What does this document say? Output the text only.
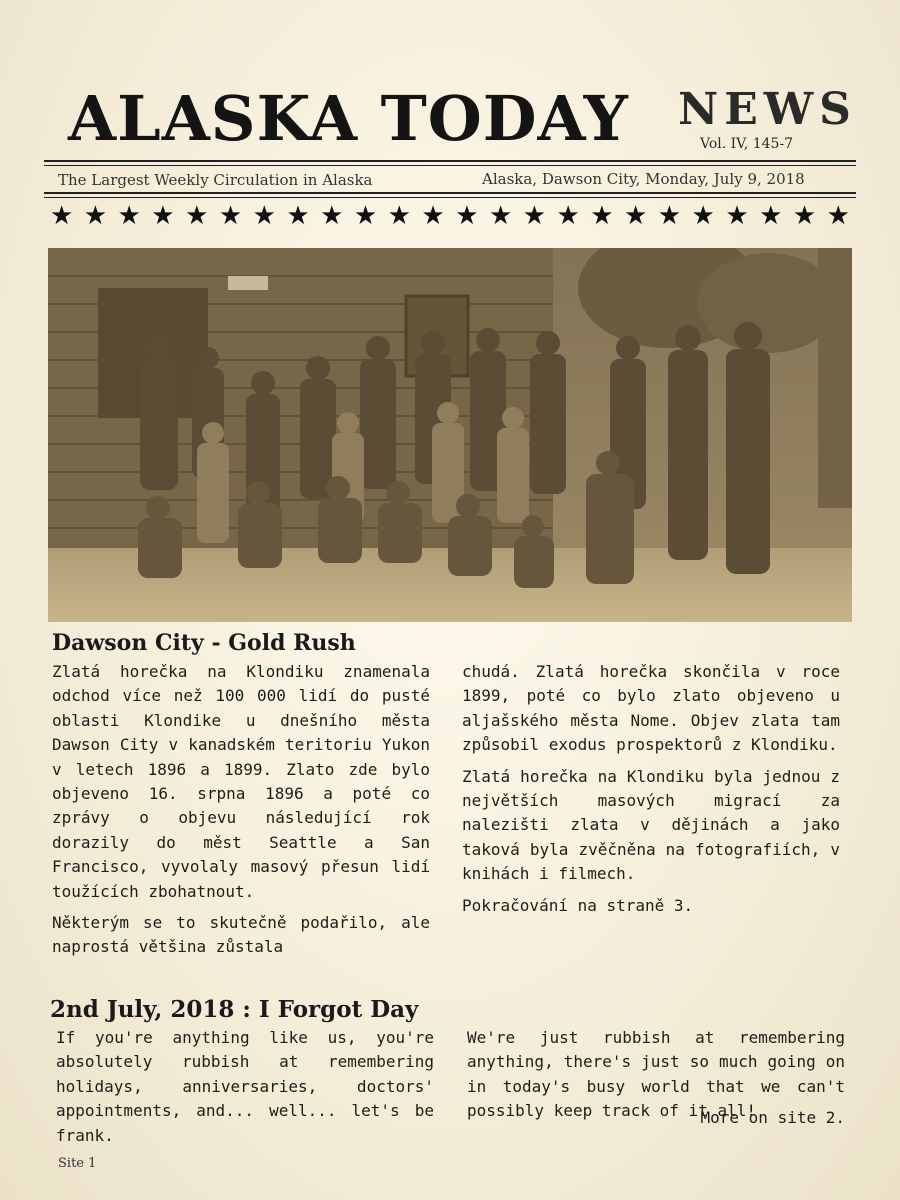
ALASKA TODAY NEWS
Vol. IV, 145-7
The Largest Weekly Circulation in Alaska	Alaska, Dawson City, Monday, July 9, 2018
★ ★ ★ ★ ★ ★ ★ ★ ★ ★ ★ ★ ★ ★ ★ ★ ★ ★ ★ ★ ★ ★ ★ ★
Dawson City - Gold Rush

Zlatá horečka na Klondiku znamenala odchod více než 100 000 lidí do pusté oblasti Klondike u dnešního města Dawson City v kanadském teritoriu Yukon v letech 1896 a 1899. Zlato zde bylo objeveno 16. srpna 1896 a poté co zprávy o objevu následující rok dorazily do měst Seattle a San Francisco, vyvolaly masový přesun lidí toužících zbohatnout.

Některým se to skutečně podařilo, ale naprostá většina zůstala

chudá. Zlatá horečka skončila v roce 1899, poté co bylo zlato objeveno u aljašského města Nome. Objev zlata tam způsobil exodus prospektorů z Klondiku.

Zlatá horečka na Klondiku byla jednou z největších masových migrací za nalezišti zlata v dějinách a jako taková byla zvěčněna na fotografiích, v knihách i filmech.

Pokračování na straně 3.

2nd July, 2018 : I Forgot Day

If you're anything like us, you're absolutely rubbish at remembering holidays, anniversaries, doctors' appointments, and... well... let's be frank.

We're just rubbish at remembering anything, there's just so much going on in today's busy world that we can't possibly keep track of it all!

More on site 2.
Site 1
